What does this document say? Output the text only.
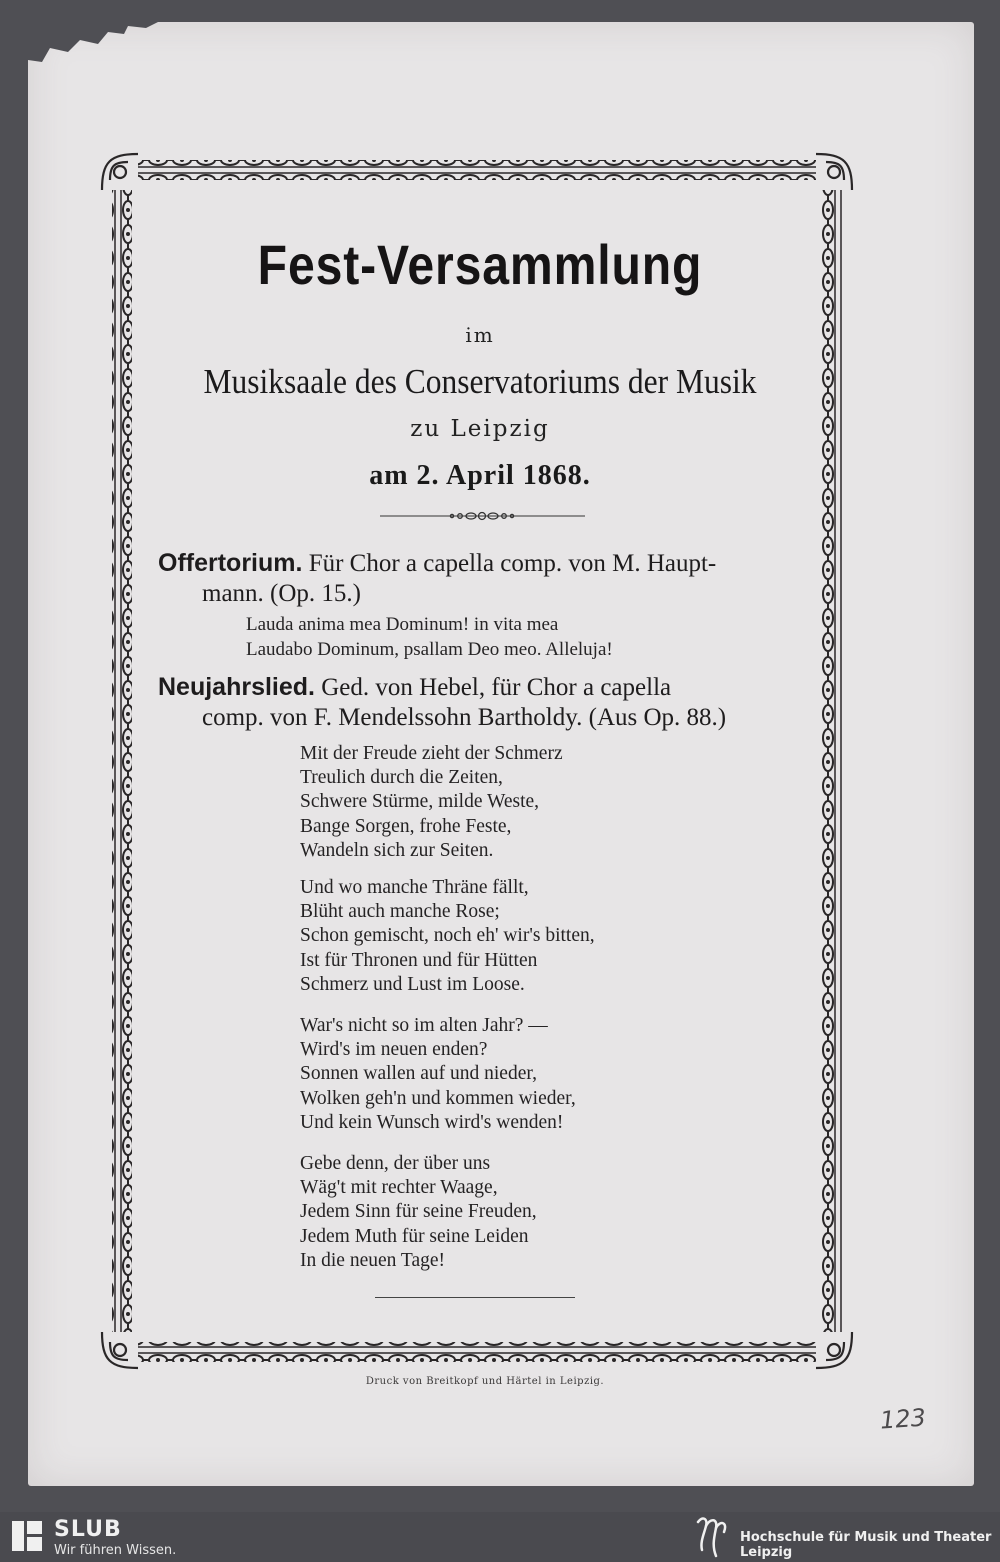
Fest-Versammlung
im
Musiksaale des Conservatoriums der Musik
zu Leipzig
am 2. April 1868.
Offertorium. Für Chor a capella comp. von M. Haupt-
mann. (Op. 15.)
Lauda anima mea Dominum! in vita mea
Laudabo Dominum, psallam Deo meo. Alleluja!
Neujahrslied. Ged. von Hebel, für Chor a capella
comp. von F. Mendelssohn Bartholdy. (Aus Op. 88.)
Mit der Freude zieht der Schmerz
Treulich durch die Zeiten,
Schwere Stürme, milde Weste,
Bange Sorgen, frohe Feste,
Wandeln sich zur Seiten.
Und wo manche Thräne fällt,
Blüht auch manche Rose;
Schon gemischt, noch eh' wir's bitten,
Ist für Thronen und für Hütten
Schmerz und Lust im Loose.
War's nicht so im alten Jahr? —
Wird's im neuen enden?
Sonnen wallen auf und nieder,
Wolken geh'n und kommen wieder,
Und kein Wunsch wird's wenden!
Gebe denn, der über uns
Wäg't mit rechter Waage,
Jedem Sinn für seine Freuden,
Jedem Muth für seine Leiden
In die neuen Tage!
Druck von Breitkopf und Härtel in Leipzig.
123
SLUB
Wir führen Wissen.
Hochschule für Musik und Theater Leipzig
